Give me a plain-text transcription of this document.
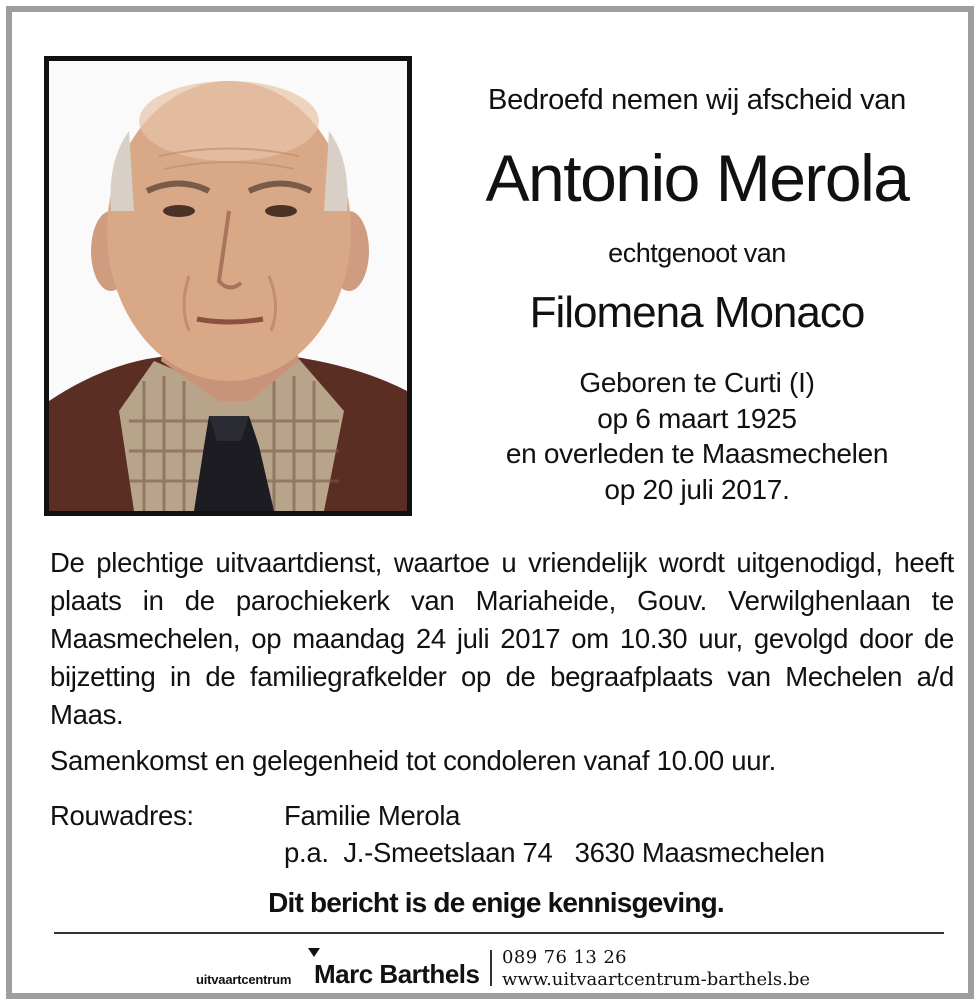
Bedroefd nemen wij afscheid van
Antonio Merola
echtgenoot van
Filomena Monaco
Geboren te Curti (I)
op 6 maart 1925
en overleden te Maasmechelen
op 20 juli 2017.
De plechtige uitvaartdienst, waartoe u vriendelijk wordt uitgenodigd, heeft plaats in de parochiekerk van Mariaheide, Gouv. Verwilghenlaan te Maasmechelen, op maandag 24 juli 2017 om 10.30 uur, gevolgd door de bijzetting in de familiegrafkelder op de begraafplaats van Mechelen a/d Maas.
Samenkomst en gelegenheid tot condoleren vanaf 10.00 uur.
Rouwadres:	Familie Merola
p.a.  J.-Smeetslaan 74   3630 Maasmechelen
Dit bericht is de enige kennisgeving.
uitvaartcentrum Marc Barthels
089 76 13 26
www.uitvaartcentrum-barthels.be
